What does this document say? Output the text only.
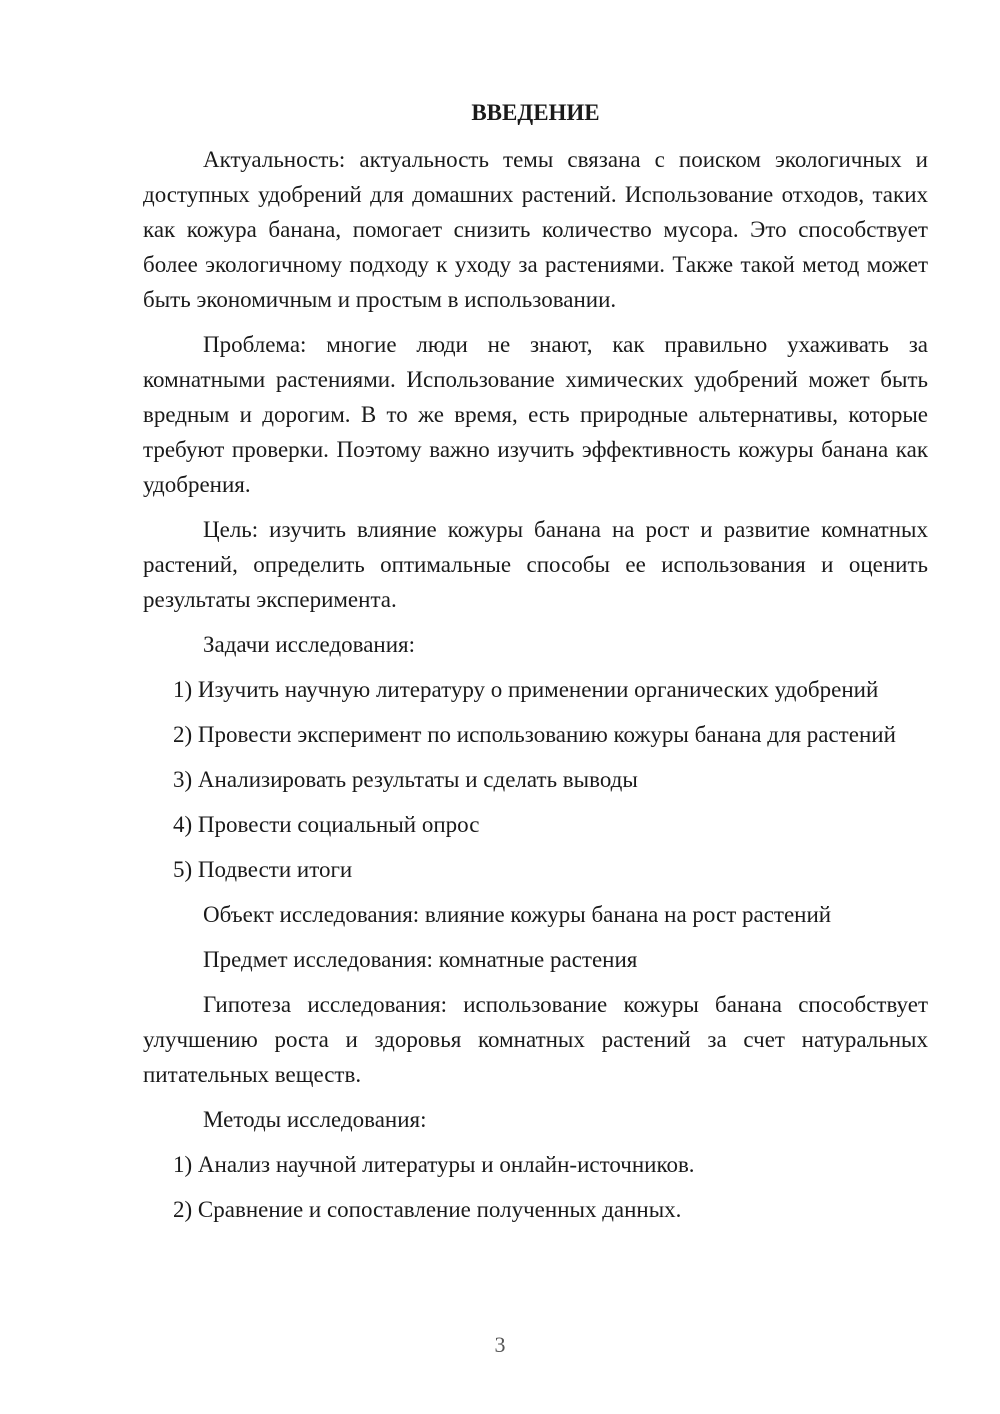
ВВЕДЕНИЕ

Актуальность: актуальность темы связана с поиском экологичных и доступных удобрений для домашних растений. Использование отходов, таких как кожура банана, помогает снизить количество мусора. Это способствует более экологичному подходу к уходу за растениями. Также такой метод может быть экономичным и простым в использовании.

Проблема: многие люди не знают, как правильно ухаживать за комнатными растениями. Использование химических удобрений может быть вредным и дорогим. В то же время, есть природные альтернативы, которые требуют проверки. Поэтому важно изучить эффективность кожуры банана как удобрения.

Цель: изучить влияние кожуры банана на рост и развитие комнатных растений, определить оптимальные способы ее использования и оценить результаты эксперимента.

Задачи исследования:

1) Изучить научную литературу о применении органических удобрений

2) Провести эксперимент по использованию кожуры банана для растений

3) Анализировать результаты и сделать выводы

4) Провести социальный опрос

5) Подвести итоги

Объект исследования: влияние кожуры банана на рост растений

Предмет исследования: комнатные растения

Гипотеза исследования: использование кожуры банана способствует улучшению роста и здоровья комнатных растений за счет натуральных питательных веществ.

Методы исследования:

1) Анализ научной литературы и онлайн-источников.

2) Сравнение и сопоставление полученных данных.

3
